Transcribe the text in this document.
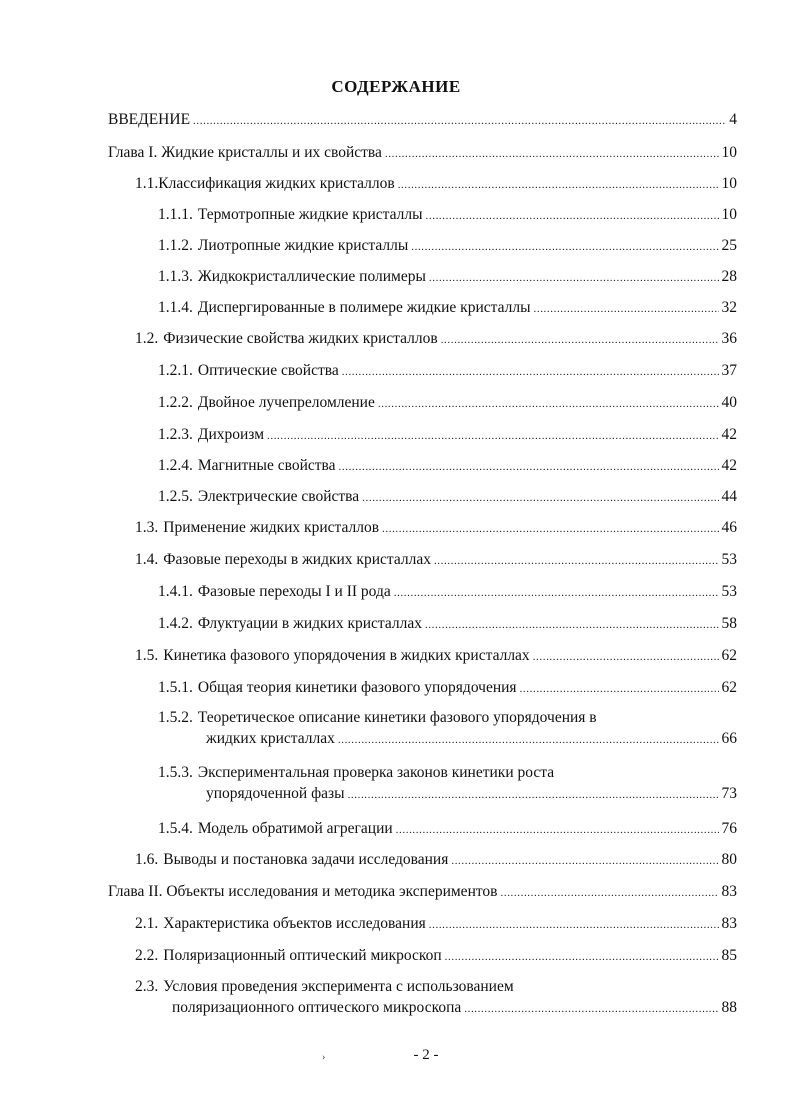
СОДЕРЖАНИЕ
ВВЕДЕНИЕ .....	4
Глава I. Жидкие кристаллы и их свойства .....	10
1.1.Классификация жидких кристаллов .....	10
1.1.1. Термотропные жидкие кристаллы .....	10
1.1.2. Лиотропные жидкие кристаллы .....	25
1.1.3. Жидкокристаллические полимеры .....	28
1.1.4. Диспергированные в полимере жидкие кристаллы .....	32
1.2. Физические свойства жидких кристаллов .....	36
1.2.1. Оптические свойства .....	37
1.2.2. Двойное лучепреломление .....	40
1.2.3. Дихроизм .....	42
1.2.4. Магнитные свойства .....	42
1.2.5. Электрические свойства .....	44
1.3. Применение жидких кристаллов .....	46
1.4. Фазовые переходы в жидких кристаллах .....	53
1.4.1. Фазовые переходы I и II рода .....	53
1.4.2. Флуктуации в жидких кристаллах .....	58
1.5. Кинетика фазового упорядочения в жидких кристаллах .....	62
1.5.1. Общая теория кинетики фазового упорядочения .....	62
1.5.2. Теоретическое описание кинетики фазового упорядочения в
жидких кристаллах .....	66
1.5.3. Экспериментальная проверка законов кинетики роста
упорядоченной фазы .....	73
1.5.4. Модель обратимой агрегации .....	76
1.6. Выводы и постановка задачи исследования .....	80
Глава II. Объекты исследования и методика экспериментов .....	83
2.1. Характеристика объектов исследования .....	83
2.2. Поляризационный оптический микроскоп .....	85
2.3. Условия проведения эксперимента с использованием
поляризационного оптического микроскопа .....	88
›	- 2 -
